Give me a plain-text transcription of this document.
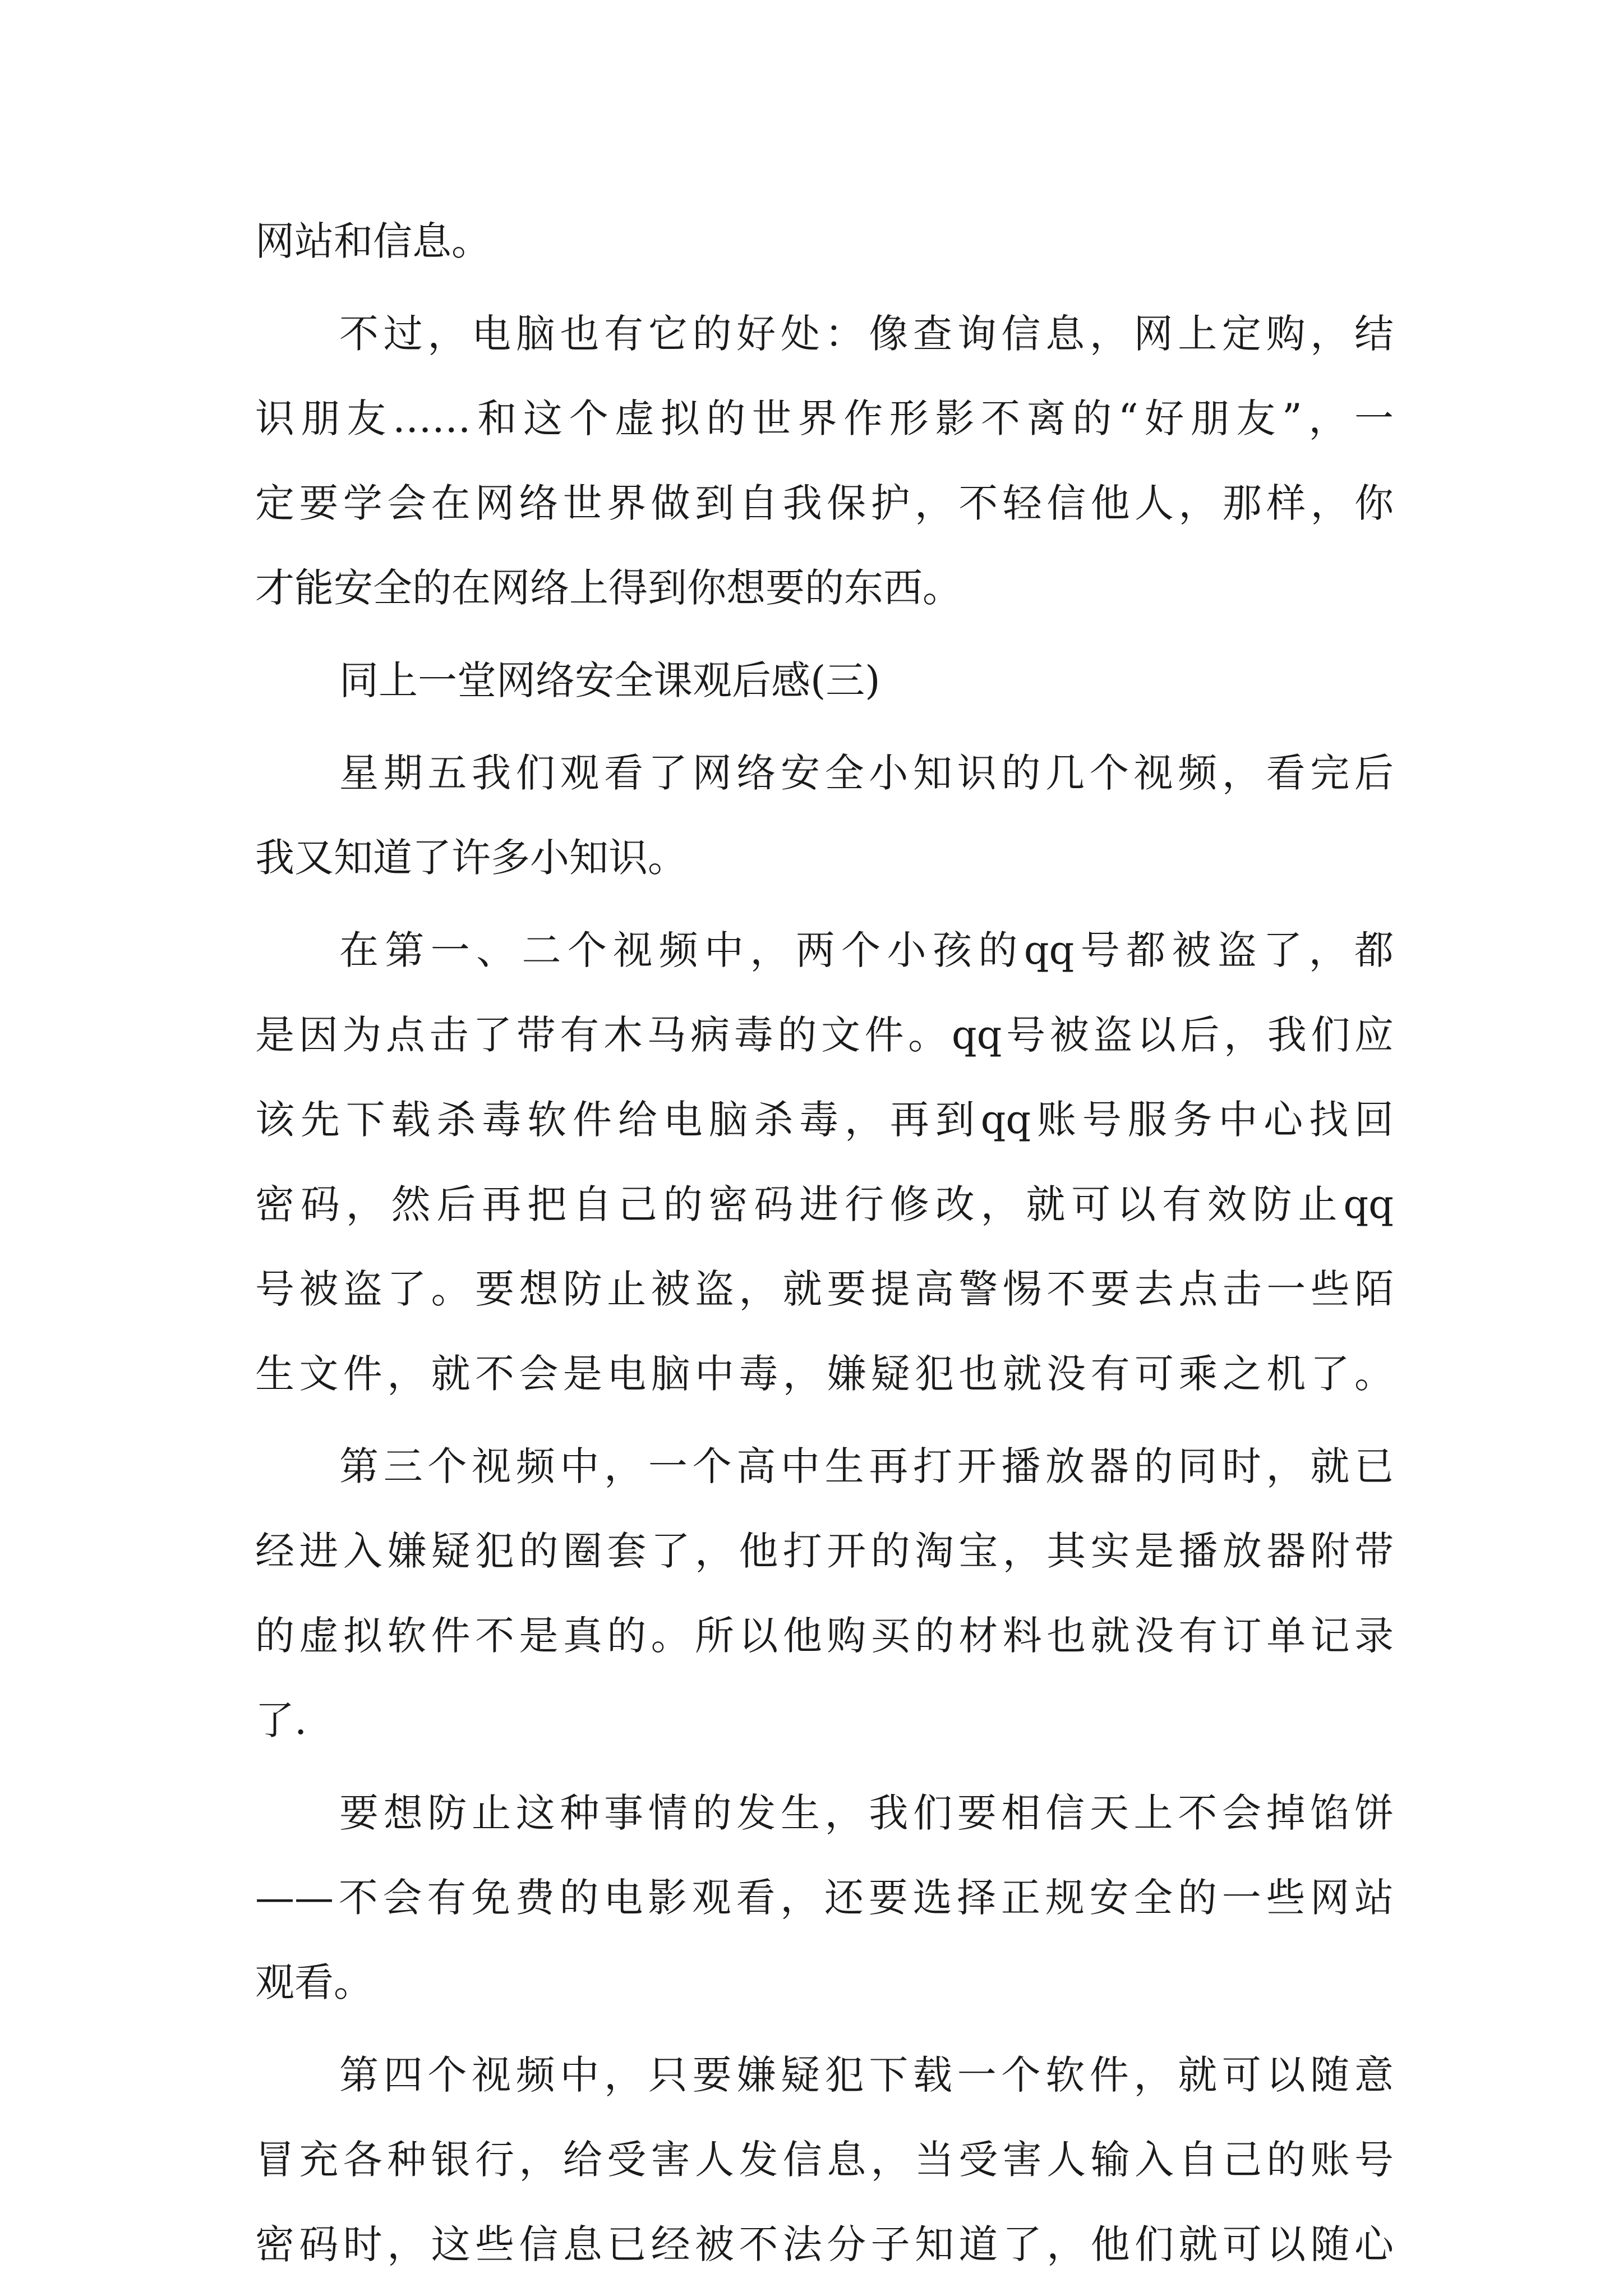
网站和信息。
不过，电脑也有它的好处：像查询信息，网上定购，结
识朋友……和这个虚拟的世界作形影不离的“好朋友”，一
定要学会在网络世界做到自我保护，不轻信他人，那样，你
才能安全的在网络上得到你想要的东西。
同上一堂网络安全课观后感(三)
星期五我们观看了网络安全小知识的几个视频，看完后
我又知道了许多小知识。
在第一、二个视频中，两个小孩的qq号都被盗了，都
是因为点击了带有木马病毒的文件。qq号被盗以后，我们应
该先下载杀毒软件给电脑杀毒，再到qq账号服务中心找回
密码，然后再把自己的密码进行修改，就可以有效防止qq
号被盗了。要想防止被盗，就要提高警惕不要去点击一些陌
生文件，就不会是电脑中毒，嫌疑犯也就没有可乘之机了。
第三个视频中，一个高中生再打开播放器的同时，就已
经进入嫌疑犯的圈套了，他打开的淘宝，其实是播放器附带
的虚拟软件不是真的。所以他购买的材料也就没有订单记录
了.
要想防止这种事情的发生，我们要相信天上不会掉馅饼
——不会有免费的电影观看，还要选择正规安全的一些网站
观看。
第四个视频中，只要嫌疑犯下载一个软件，就可以随意
冒充各种银行，给受害人发信息，当受害人输入自己的账号
密码时，这些信息已经被不法分子知道了，他们就可以随心
